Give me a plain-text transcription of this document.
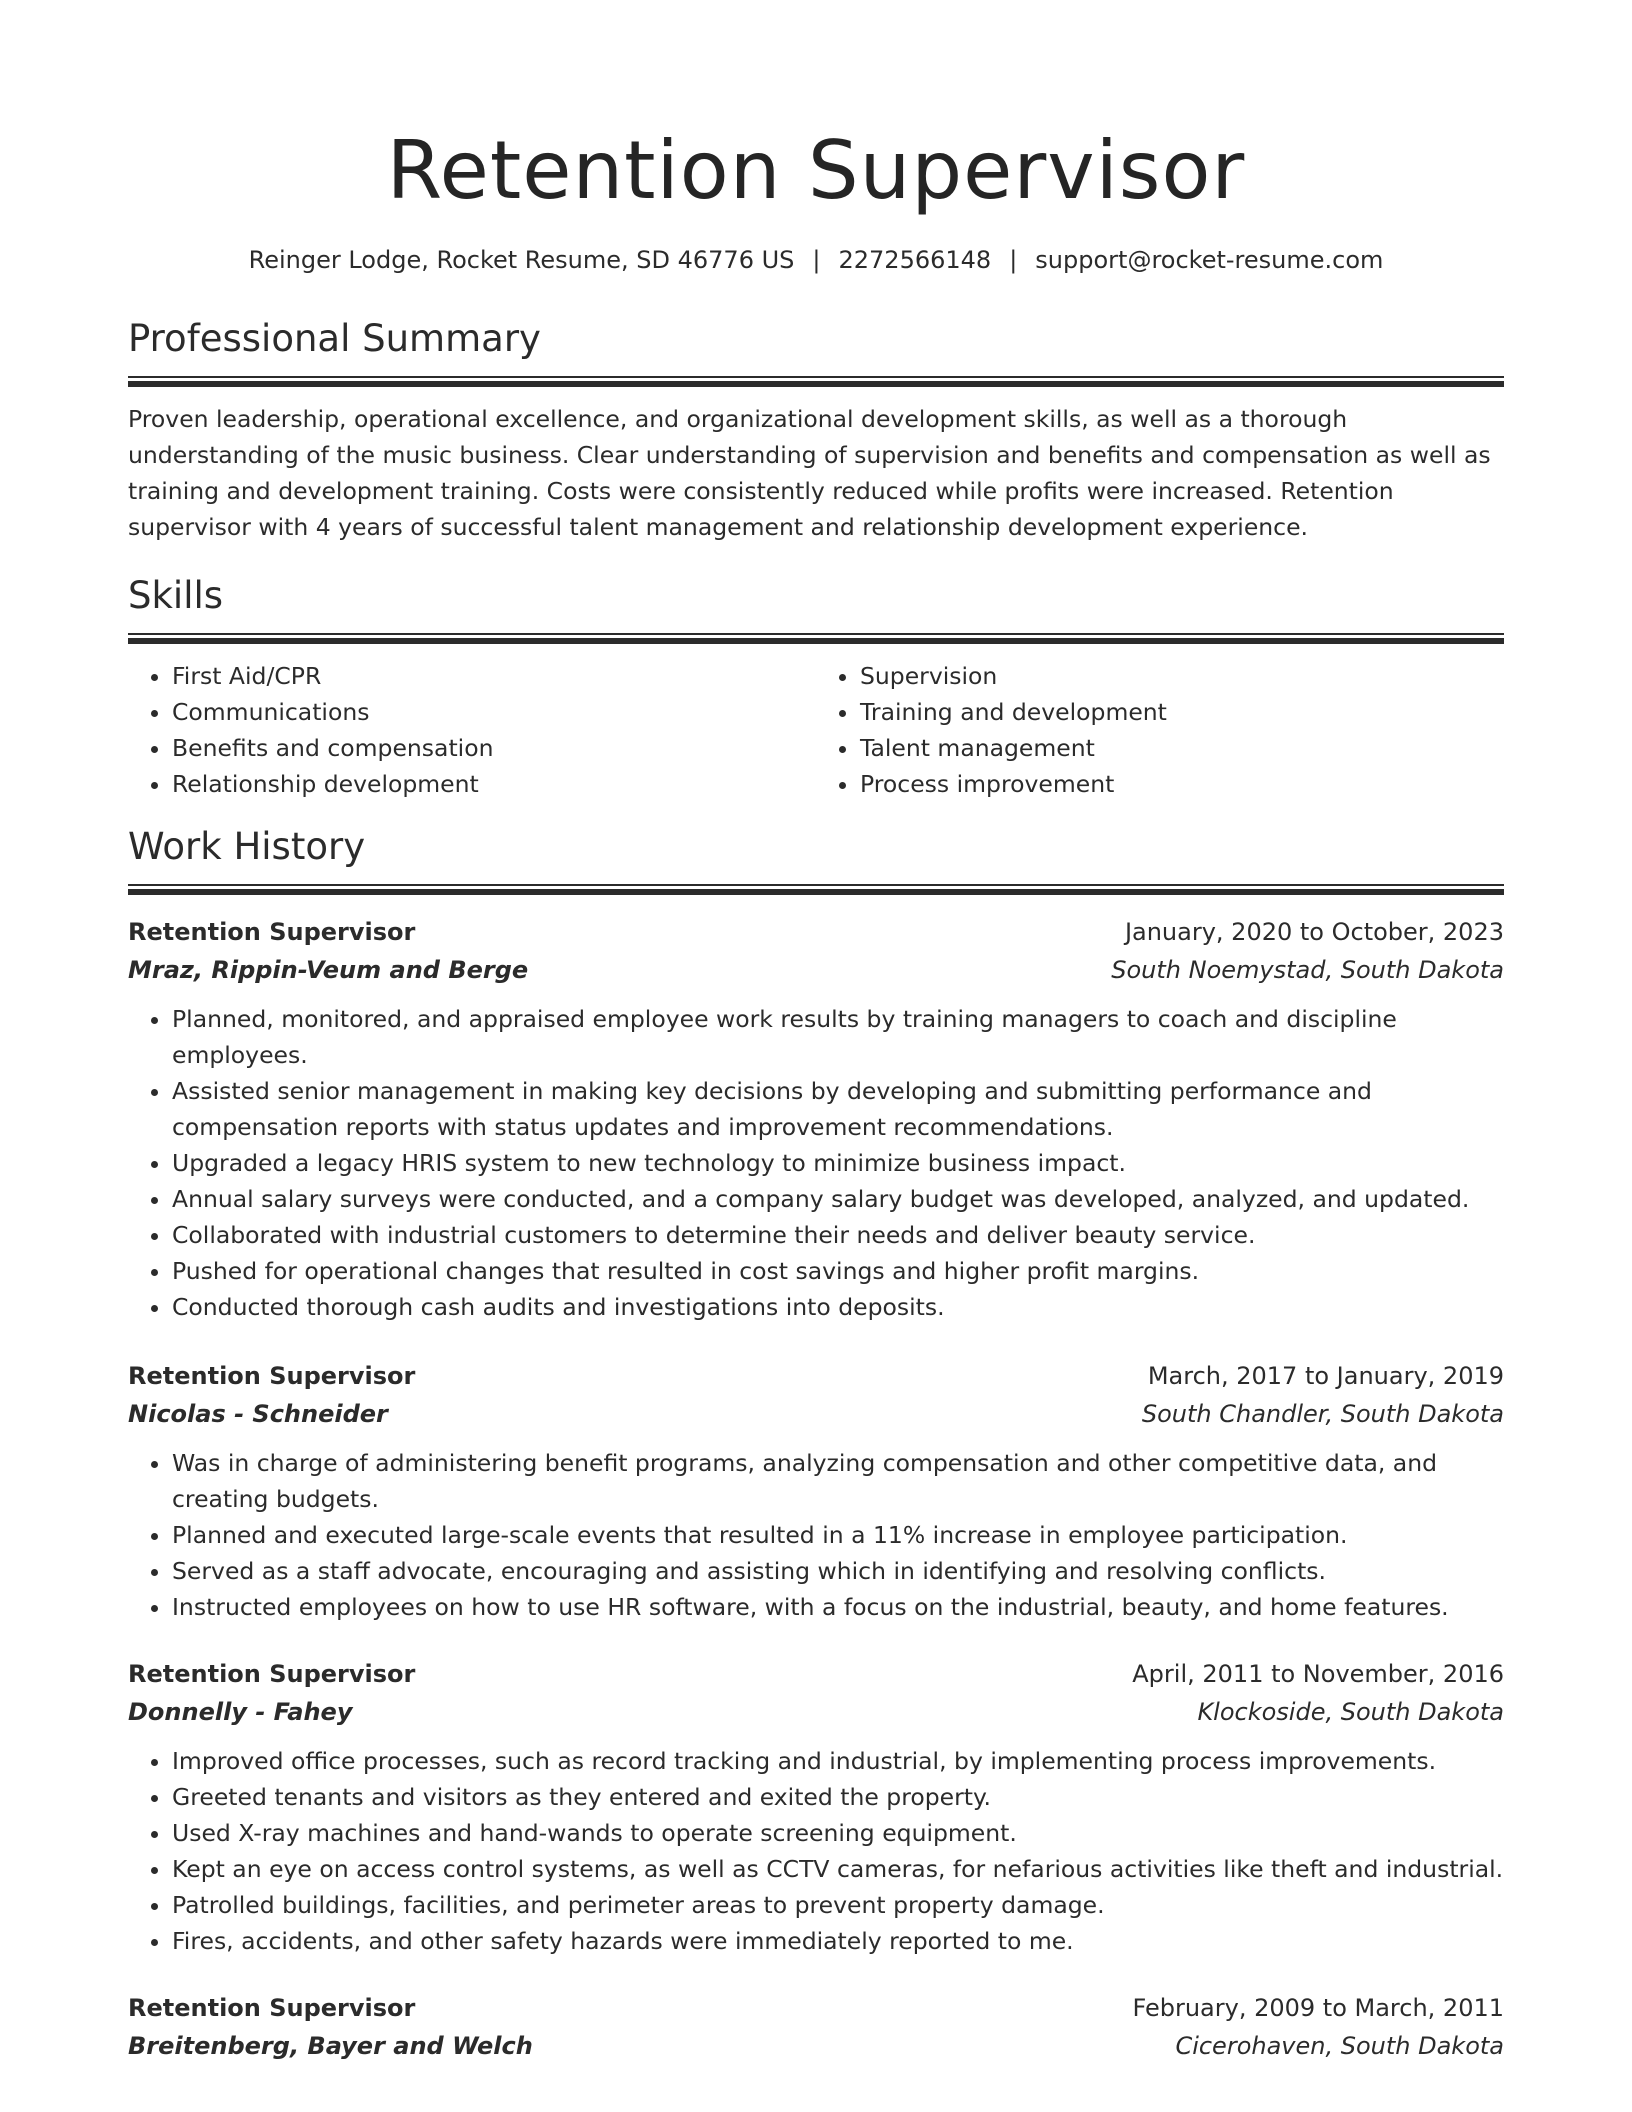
Retention Supervisor
Reinger Lodge, Rocket Resume, SD 46776 US | 2272566148 | support@rocket-resume.com
Professional Summary

Proven leadership, operational excellence, and organizational development skills, as well as a thorough understanding of the music business. Clear understanding of supervision and benefits and compensation as well as training and development training. Costs were consistently reduced while profits were increased. Retention supervisor with 4 years of successful talent management and relationship development experience.

Skills
• First Aid/CPR
• Communications
• Benefits and compensation
• Relationship development
• Supervision
• Training and development
• Talent management
• Process improvement
Work History
Retention Supervisor	January, 2020 to October, 2023
Mraz, Rippin-Veum and Berge	South Noemystad, South Dakota
• Planned, monitored, and appraised employee work results by training managers to coach and discipline employees.
• Assisted senior management in making key decisions by developing and submitting performance and compensation reports with status updates and improvement recommendations.
• Upgraded a legacy HRIS system to new technology to minimize business impact.
• Annual salary surveys were conducted, and a company salary budget was developed, analyzed, and updated.
• Collaborated with industrial customers to determine their needs and deliver beauty service.
• Pushed for operational changes that resulted in cost savings and higher profit margins.
• Conducted thorough cash audits and investigations into deposits.
Retention Supervisor	March, 2017 to January, 2019
Nicolas - Schneider	South Chandler, South Dakota
• Was in charge of administering benefit programs, analyzing compensation and other competitive data, and creating budgets.
• Planned and executed large-scale events that resulted in a 11% increase in employee participation.
• Served as a staff advocate, encouraging and assisting which in identifying and resolving conflicts.
• Instructed employees on how to use HR software, with a focus on the industrial, beauty, and home features.
Retention Supervisor	April, 2011 to November, 2016
Donnelly - Fahey	Klockoside, South Dakota
• Improved office processes, such as record tracking and industrial, by implementing process improvements.
• Greeted tenants and visitors as they entered and exited the property.
• Used X-ray machines and hand-wands to operate screening equipment.
• Kept an eye on access control systems, as well as CCTV cameras, for nefarious activities like theft and industrial.
• Patrolled buildings, facilities, and perimeter areas to prevent property damage.
• Fires, accidents, and other safety hazards were immediately reported to me.
Retention Supervisor	February, 2009 to March, 2011
Breitenberg, Bayer and Welch	Cicerohaven, South Dakota
